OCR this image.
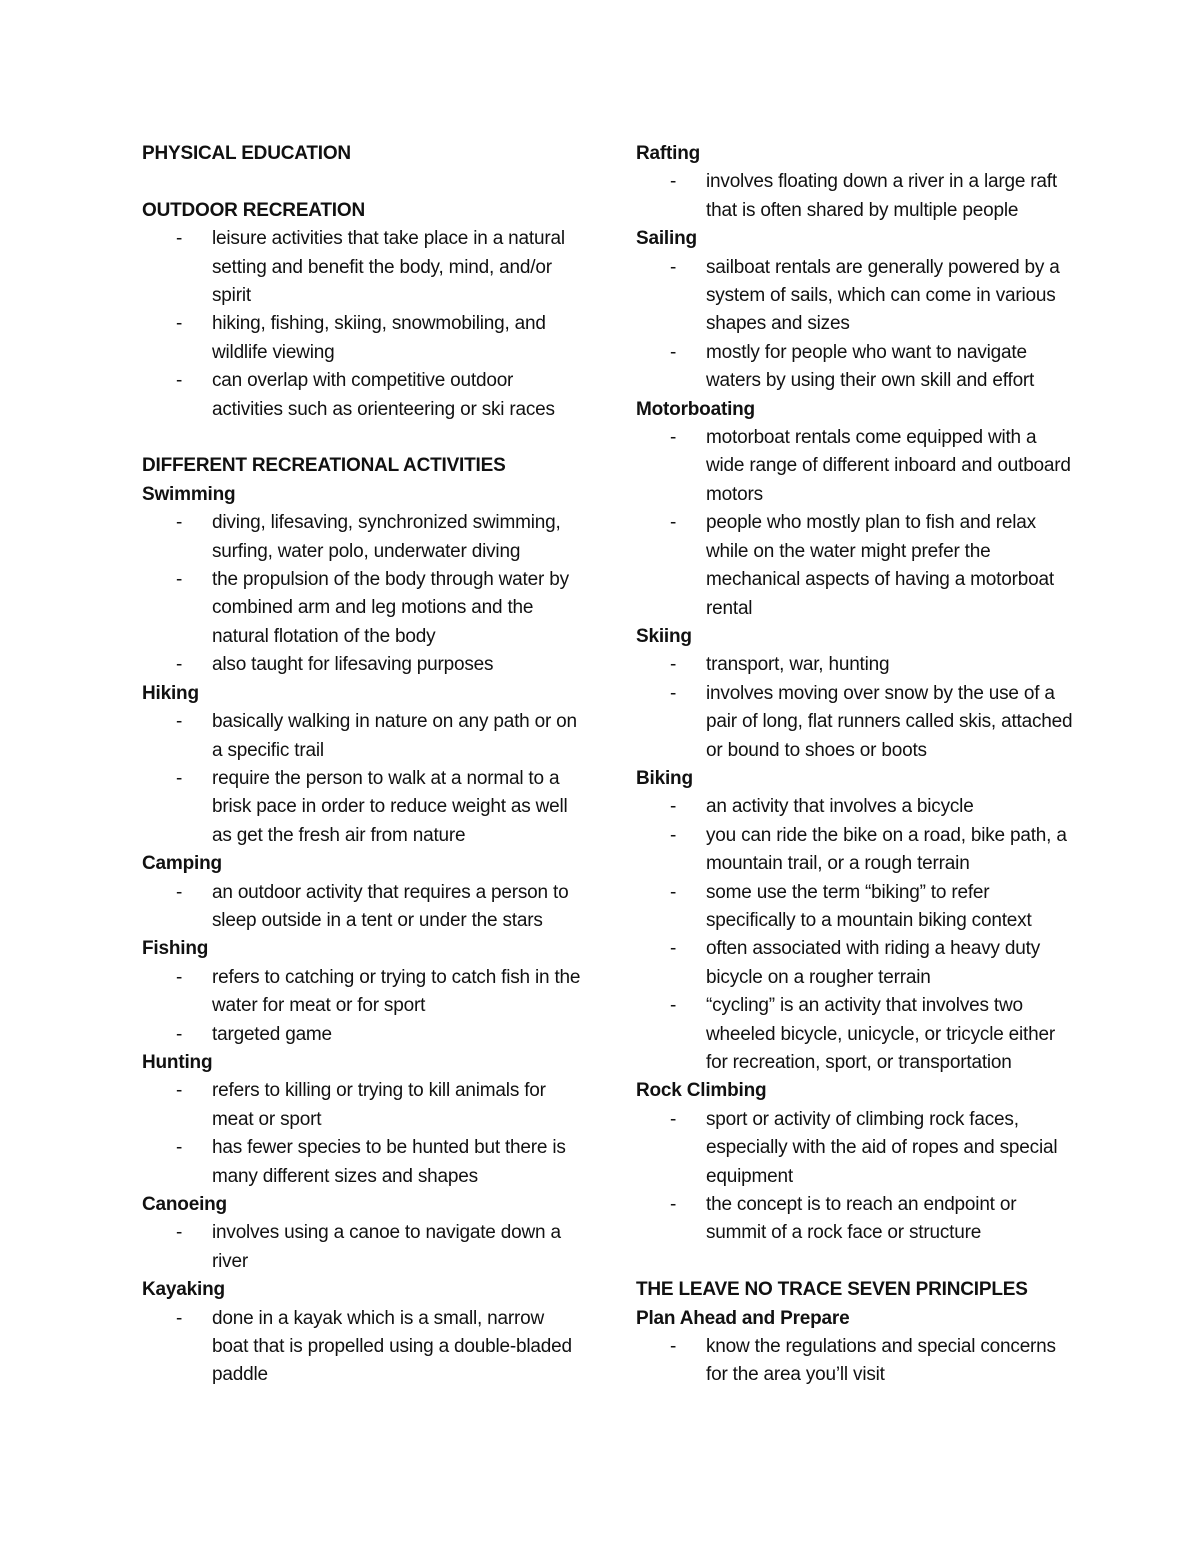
PHYSICAL EDUCATION
OUTDOOR RECREATION
- leisure activities that take place in a natural setting and benefit the body, mind, and/or spirit
- hiking, fishing, skiing, snowmobiling, and wildlife viewing
- can overlap with competitive outdoor activities such as orienteering or ski races
DIFFERENT RECREATIONAL ACTIVITIES
Swimming
- diving, lifesaving, synchronized swimming, surfing, water polo, underwater diving
- the propulsion of the body through water by combined arm and leg motions and the natural flotation of the body
- also taught for lifesaving purposes
Hiking
- basically walking in nature on any path or on a specific trail
- require the person to walk at a normal to a brisk pace in order to reduce weight as well as get the fresh air from nature
Camping
- an outdoor activity that requires a person to sleep outside in a tent or under the stars
Fishing
- refers to catching or trying to catch fish in the water for meat or for sport
- targeted game
Hunting
- refers to killing or trying to kill animals for meat or sport
- has fewer species to be hunted but there is many different sizes and shapes
Canoeing
- involves using a canoe to navigate down a river
Kayaking
- done in a kayak which is a small, narrow boat that is propelled using a double-bladed paddle
Rafting
- involves floating down a river in a large raft that is often shared by multiple people
Sailing
- sailboat rentals are generally powered by a system of sails, which can come in various shapes and sizes
- mostly for people who want to navigate waters by using their own skill and effort
Motorboating
- motorboat rentals come equipped with a wide range of different inboard and outboard motors
- people who mostly plan to fish and relax while on the water might prefer the mechanical aspects of having a motorboat rental
Skiing
- transport, war, hunting
- involves moving over snow by the use of a pair of long, flat runners called skis, attached or bound to shoes or boots
Biking
- an activity that involves a bicycle
- you can ride the bike on a road, bike path, a mountain trail, or a rough terrain
- some use the term “biking” to refer specifically to a mountain biking context
- often associated with riding a heavy duty bicycle on a rougher terrain
- “cycling” is an activity that involves two wheeled bicycle, unicycle, or tricycle either for recreation, sport, or transportation
Rock Climbing
- sport or activity of climbing rock faces, especially with the aid of ropes and special equipment
- the concept is to reach an endpoint or summit of a rock face or structure
THE LEAVE NO TRACE SEVEN PRINCIPLES
Plan Ahead and Prepare
- know the regulations and special concerns for the area you’ll visit
